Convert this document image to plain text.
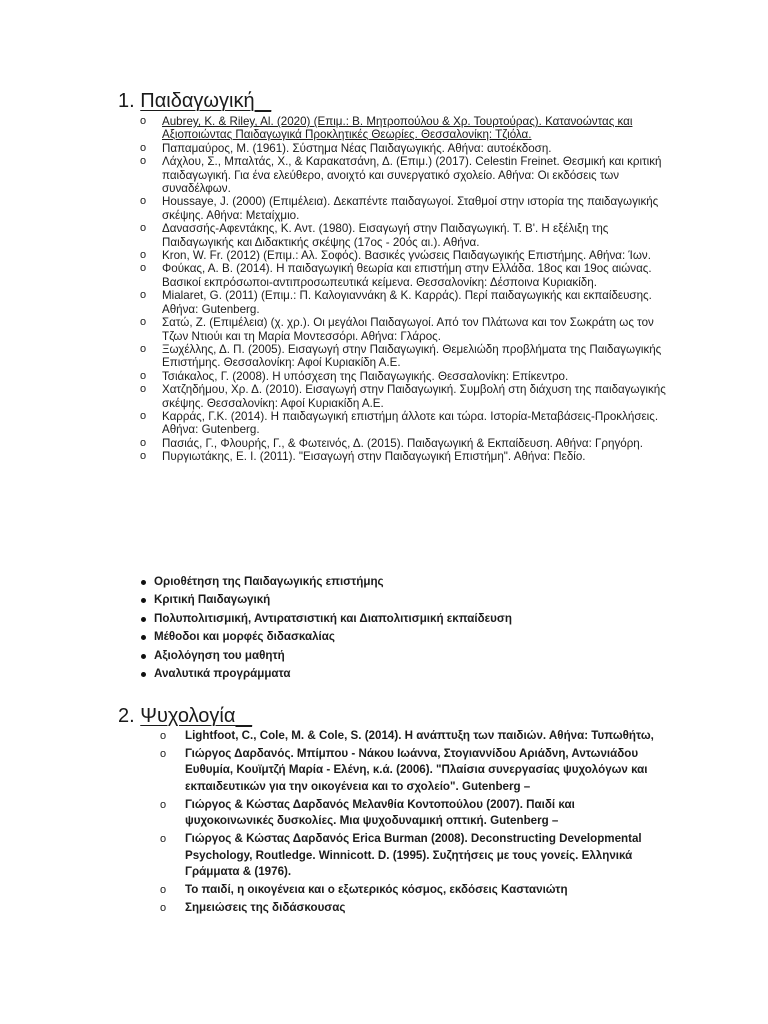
1. Παιδαγωγική
o Aubrey, K. & Riley, Al. (2020) (Επιμ.: Β. Μητροπούλου & Χρ. Τουρτούρας). Κατανοώντας και Αξιοποιώντας Παιδαγωγικά Προκλητικές Θεωρίες. Θεσσαλονίκη: Τζιόλα.
o Παπαμαύρος, Μ. (1961). Σύστημα Νέας Παιδαγωγικής. Αθήνα: αυτοέκδοση.
o Λάχλου, Σ., Μπαλτάς, Χ., & Καρακατσάνη, Δ. (Επιμ.) (2017). Celestin Freinet. Θεσμική και κριτική παιδαγωγική. Για ένα ελεύθερο, ανοιχτό και συνεργατικό σχολείο. Αθήνα: Οι εκδόσεις των συναδέλφων.
o Houssaye, J. (2000) (Επιμέλεια). Δεκαπέντε παιδαγωγοί. Σταθμοί στην ιστορία της παιδαγωγικής σκέψης. Αθήνα: Μεταίχμιο.
o Δανασσής-Αφεντάκης, Κ. Αντ. (1980). Εισαγωγή στην Παιδαγωγική. Τ. Β'. Η εξέλιξη της Παιδαγωγικής και Διδακτικής σκέψης (17ος - 20ός αι.). Αθήνα.
o Kron, W. Fr. (2012) (Επιμ.: Αλ. Σοφός). Βασικές γνώσεις Παιδαγωγικής Επιστήμης. Αθήνα: Ίων.
o Φούκας, Α. Β. (2014). Η παιδαγωγική θεωρία και επιστήμη στην Ελλάδα. 18ος και 19ος αιώνας. Βασικοί εκπρόσωποι-αντιπροσωπευτικά κείμενα. Θεσσαλονίκη: Δέσποινα Κυριακίδη.
o Mialaret, G. (2011) (Επιμ.: Π. Καλογιαννάκη & Κ. Καρράς). Περί παιδαγωγικής και εκπαίδευσης. Αθήνα: Gutenberg.
o Σατώ, Ζ. (Επιμέλεια) (χ. χρ.). Οι μεγάλοι Παιδαγωγοί. Από τον Πλάτωνα και τον Σωκράτη ως τον Τζων Ντιούι και τη Μαρία Μοντεσσόρι. Αθήνα: Γλάρος.
o Ξωχέλλης, Δ. Π. (2005). Εισαγωγή στην Παιδαγωγική. Θεμελιώδη προβλήματα της Παιδαγωγικής Επιστήμης. Θεσσαλονίκη: Αφοί Κυριακίδη Α.Ε.
o Τσιάκαλος, Γ. (2008). Η υπόσχεση της Παιδαγωγικής. Θεσσαλονίκη: Επίκεντρο.
o Χατζηδήμου, Χρ. Δ. (2010). Εισαγωγή στην Παιδαγωγική. Συμβολή στη διάχυση της παιδαγωγικής σκέψης. Θεσσαλονίκη: Αφοί Κυριακίδη Α.Ε.
o Καρράς, Γ.Κ. (2014). Η παιδαγωγική επιστήμη άλλοτε και τώρα. Ιστορία-Μεταβάσεις-Προκλήσεις. Αθήνα: Gutenberg.
o Πασιάς, Γ., Φλουρής, Γ., & Φωτεινός, Δ. (2015). Παιδαγωγική & Εκπαίδευση. Αθήνα: Γρηγόρη.
o Πυργιωτάκης, Ε. Ι. (2011). "Εισαγωγή στην Παιδαγωγική Επιστήμη". Αθήνα: Πεδίο.
Οριοθέτηση της Παιδαγωγικής επιστήμης
Κριτική Παιδαγωγική
Πολυπολιτισμική, Αντιρατσιστική και Διαπολιτισμική εκπαίδευση
Μέθοδοι και μορφές διδασκαλίας
Αξιολόγηση του μαθητή
Αναλυτικά προγράμματα
2. Ψυχολογία
o Lightfoot, C., Cole, M. & Cole, S. (2014). Η ανάπτυξη των παιδιών. Αθήνα: Τυπωθήτω,
o Γιώργος Δαρδανός. Μπίμπου - Νάκου Ιωάννα, Στογιαννίδου Αριάδνη, Αντωνιάδου Ευθυμία, Κουϊμτζή Μαρία - Ελένη, κ.ά. (2006). "Πλαίσια συνεργασίας ψυχολόγων και εκπαιδευτικών για την οικογένεια και το σχολείο". Gutenberg –
o Γιώργος & Κώστας Δαρδανός Μελανθία Κοντοπούλου (2007). Παιδί και ψυχοκοινωνικές δυσκολίες. Μια ψυχοδυναμική οπτική. Gutenberg –
o Γιώργος & Κώστας Δαρδανός Erica Burman (2008). Deconstructing Developmental Psychology, Routledge. Winnicott. D. (1995). Συζητήσεις με τους γονείς. Ελληνικά Γράμματα & (1976).
o Το παιδί, η οικογένεια και ο εξωτερικός κόσμος, εκδόσεις Καστανιώτη
o Σημειώσεις της διδάσκουσας
